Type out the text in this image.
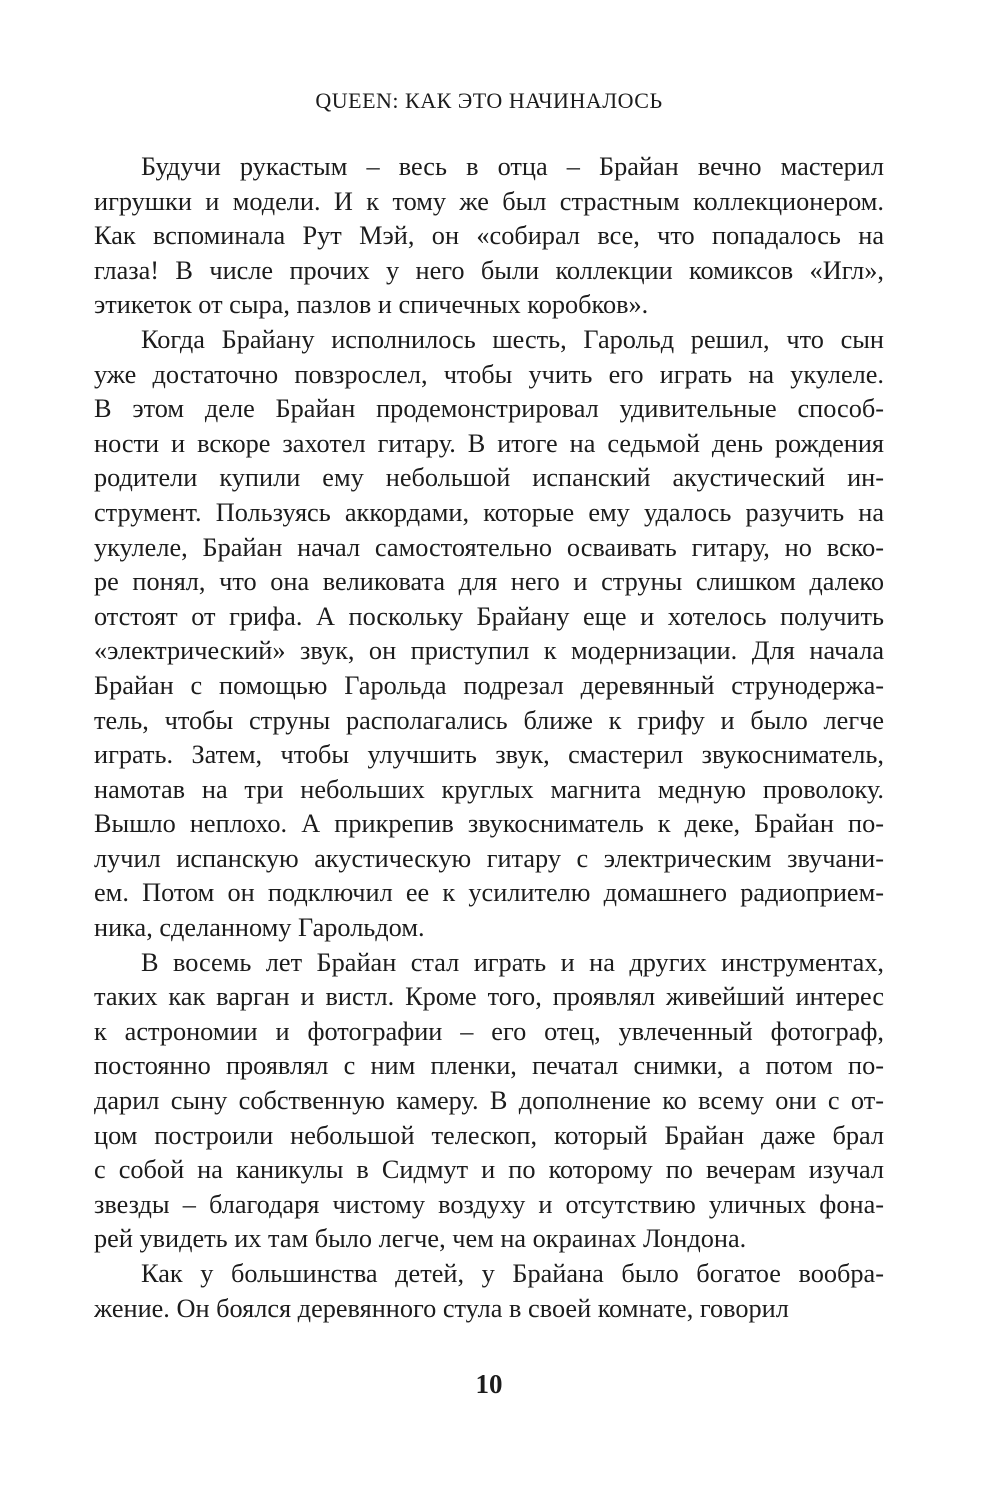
QUEEN: КАК ЭТО НАЧИНАЛОСЬ
Будучи рукастым – весь в отца – Брайан вечно мастерил
игрушки и модели. И к тому же был страстным коллекционером.
Как вспоминала Рут Мэй, он «собирал все, что попадалось на
глаза! В числе прочих у него были коллекции комиксов «Игл»,
этикеток от сыра, пазлов и спичечных коробков».
Когда Брайану исполнилось шесть, Гарольд решил, что сын
уже достаточно повзрослел, чтобы учить его играть на укулеле.
В этом деле Брайан продемонстрировал удивительные способ-
ности и вскоре захотел гитару. В итоге на седьмой день рождения
родители купили ему небольшой испанский акустический ин-
струмент. Пользуясь аккордами, которые ему удалось разучить на
укулеле, Брайан начал самостоятельно осваивать гитару, но вско-
ре понял, что она великовата для него и струны слишком далеко
отстоят от грифа. А поскольку Брайану еще и хотелось получить
«электрический» звук, он приступил к модернизации. Для начала
Брайан с помощью Гарольда подрезал деревянный струнодержа-
тель, чтобы струны располагались ближе к грифу и было легче
играть. Затем, чтобы улучшить звук, смастерил звукосниматель,
намотав на три небольших круглых магнита медную проволоку.
Вышло неплохо. А прикрепив звукосниматель к деке, Брайан по-
лучил испанскую акустическую гитару с электрическим звучани-
ем. Потом он подключил ее к усилителю домашнего радиоприем-
ника, сделанному Гарольдом.
В восемь лет Брайан стал играть и на других инструментах,
таких как варган и вистл. Кроме того, проявлял живейший интерес
к астрономии и фотографии – его отец, увлеченный фотограф,
постоянно проявлял с ним пленки, печатал снимки, а потом по-
дарил сыну собственную камеру. В дополнение ко всему они с от-
цом построили небольшой телескоп, который Брайан даже брал
с собой на каникулы в Сидмут и по которому по вечерам изучал
звезды – благодаря чистому воздуху и отсутствию уличных фона-
рей увидеть их там было легче, чем на окраинах Лондона.
Как у большинства детей, у Брайана было богатое вообра-
жение. Он боялся деревянного стула в своей комнате, говорил
10
